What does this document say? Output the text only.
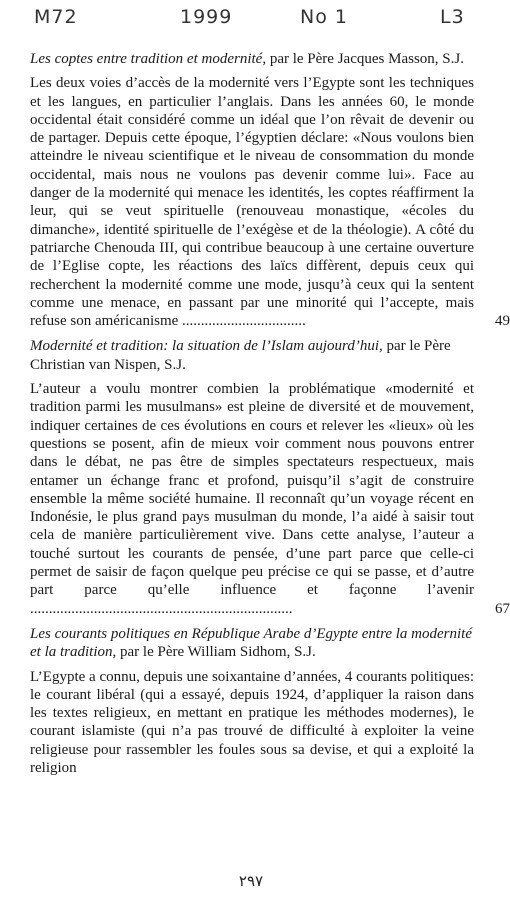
M72	1999	No 1	L3

Les coptes entre tradition et modernité, par le Père Jacques Masson, S.J.

Les deux voies d’accès de la modernité vers l’Egypte sont les techniques et les langues, en particulier l’anglais. Dans les années 60, le monde occidental était considéré comme un idéal que l’on rêvait de devenir ou de partager. Depuis cette époque, l’égyptien déclare: «Nous voulons bien atteindre le niveau scientifique et le niveau de consommation du monde occidental, mais nous ne voulons pas devenir comme lui». Face au danger de la modernité qui menace les identités, les coptes réaffirment la leur, qui se veut spirituelle (renouveau monastique, «écoles du dimanche», identité spirituelle de l’exégèse et de la théologie). A côté du patriarche Chenouda III, qui contribue beaucoup à une certaine ouverture de l’Eglise copte, les réactions des laïcs diffèrent, depuis ceux qui recherchent la modernité comme une mode, jusqu’à ceux qui la sentent comme une menace, en passant par une minorité qui l’accepte, mais refuse son américanisme .................................	49

Modernité et tradition: la situation de l’Islam aujourd’hui, par le Père Christian van Nispen, S.J.

L’auteur a voulu montrer combien la problématique «modernité et tradition parmi les musulmans» est pleine de diversité et de mouvement, indiquer certaines de ces évolutions en cours et relever les «lieux» où les questions se posent, afin de mieux voir comment nous pouvons entrer dans le débat, ne pas être de simples spectateurs respectueux, mais entamer un échange franc et profond, puisqu’il s’agit de construire ensemble la même société humaine. Il reconnaît qu’un voyage récent en Indonésie, le plus grand pays musulman du monde, l’a aidé à saisir tout cela de manière particulièrement vive. Dans cette analyse, l’auteur a touché surtout les courants de pensée, d’une part parce que celle-ci permet de saisir de façon quelque peu précise ce qui se passe, et d’autre part parce qu’elle influence et façonne l’avenir ......................................................................	67

Les courants politiques en République Arabe d’Egypte entre la modernité et la tradition, par le Père William Sidhom, S.J.

L’Egypte a connu, depuis une soixantaine d’années, 4 courants politiques: le courant libéral (qui a essayé, depuis 1924, d’appliquer la raison dans les textes religieux, en mettant en pratique les méthodes modernes), le courant islamiste (qui n’a pas trouvé de difficulté à exploiter la veine religieuse pour rassembler les foules sous sa devise, et qui a exploité la religion

٢٩٧
